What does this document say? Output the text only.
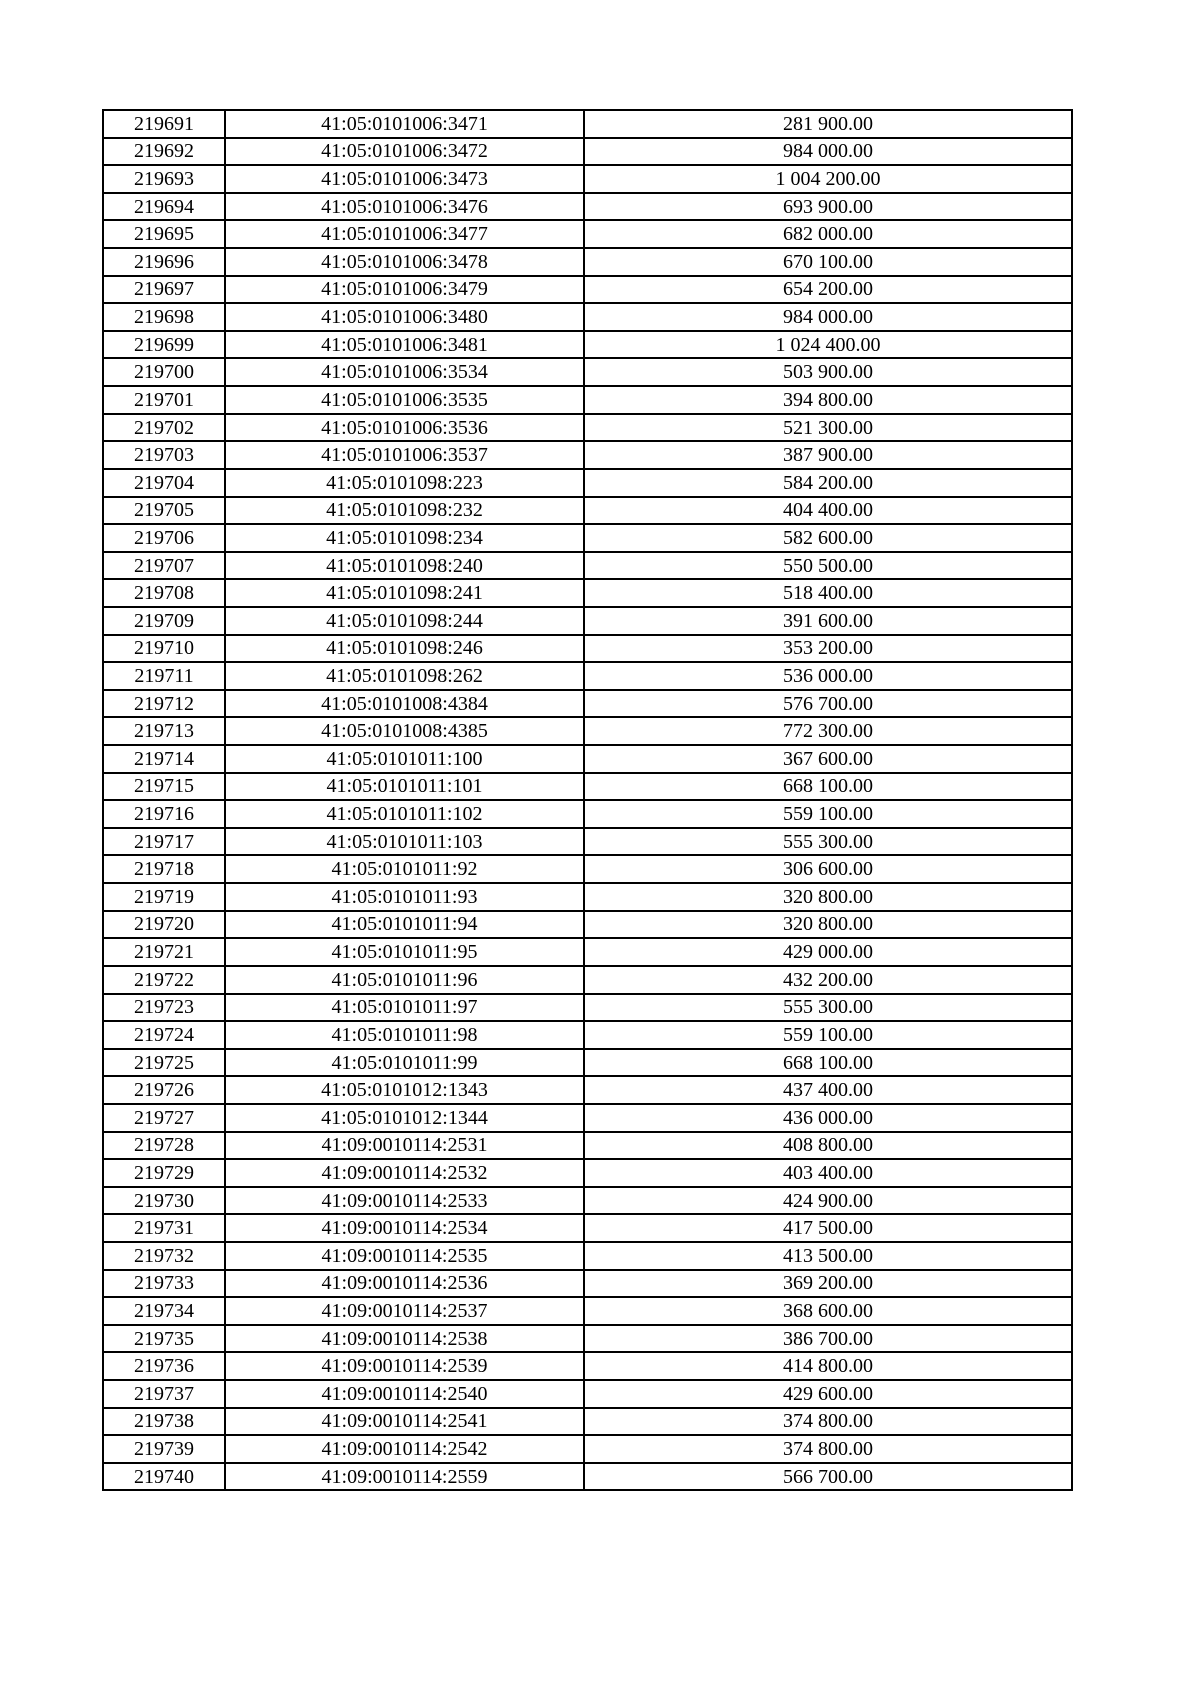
219691	41:05:0101006:3471	281 900.00
219692	41:05:0101006:3472	984 000.00
219693	41:05:0101006:3473	1 004 200.00
219694	41:05:0101006:3476	693 900.00
219695	41:05:0101006:3477	682 000.00
219696	41:05:0101006:3478	670 100.00
219697	41:05:0101006:3479	654 200.00
219698	41:05:0101006:3480	984 000.00
219699	41:05:0101006:3481	1 024 400.00
219700	41:05:0101006:3534	503 900.00
219701	41:05:0101006:3535	394 800.00
219702	41:05:0101006:3536	521 300.00
219703	41:05:0101006:3537	387 900.00
219704	41:05:0101098:223	584 200.00
219705	41:05:0101098:232	404 400.00
219706	41:05:0101098:234	582 600.00
219707	41:05:0101098:240	550 500.00
219708	41:05:0101098:241	518 400.00
219709	41:05:0101098:244	391 600.00
219710	41:05:0101098:246	353 200.00
219711	41:05:0101098:262	536 000.00
219712	41:05:0101008:4384	576 700.00
219713	41:05:0101008:4385	772 300.00
219714	41:05:0101011:100	367 600.00
219715	41:05:0101011:101	668 100.00
219716	41:05:0101011:102	559 100.00
219717	41:05:0101011:103	555 300.00
219718	41:05:0101011:92	306 600.00
219719	41:05:0101011:93	320 800.00
219720	41:05:0101011:94	320 800.00
219721	41:05:0101011:95	429 000.00
219722	41:05:0101011:96	432 200.00
219723	41:05:0101011:97	555 300.00
219724	41:05:0101011:98	559 100.00
219725	41:05:0101011:99	668 100.00
219726	41:05:0101012:1343	437 400.00
219727	41:05:0101012:1344	436 000.00
219728	41:09:0010114:2531	408 800.00
219729	41:09:0010114:2532	403 400.00
219730	41:09:0010114:2533	424 900.00
219731	41:09:0010114:2534	417 500.00
219732	41:09:0010114:2535	413 500.00
219733	41:09:0010114:2536	369 200.00
219734	41:09:0010114:2537	368 600.00
219735	41:09:0010114:2538	386 700.00
219736	41:09:0010114:2539	414 800.00
219737	41:09:0010114:2540	429 600.00
219738	41:09:0010114:2541	374 800.00
219739	41:09:0010114:2542	374 800.00
219740	41:09:0010114:2559	566 700.00
